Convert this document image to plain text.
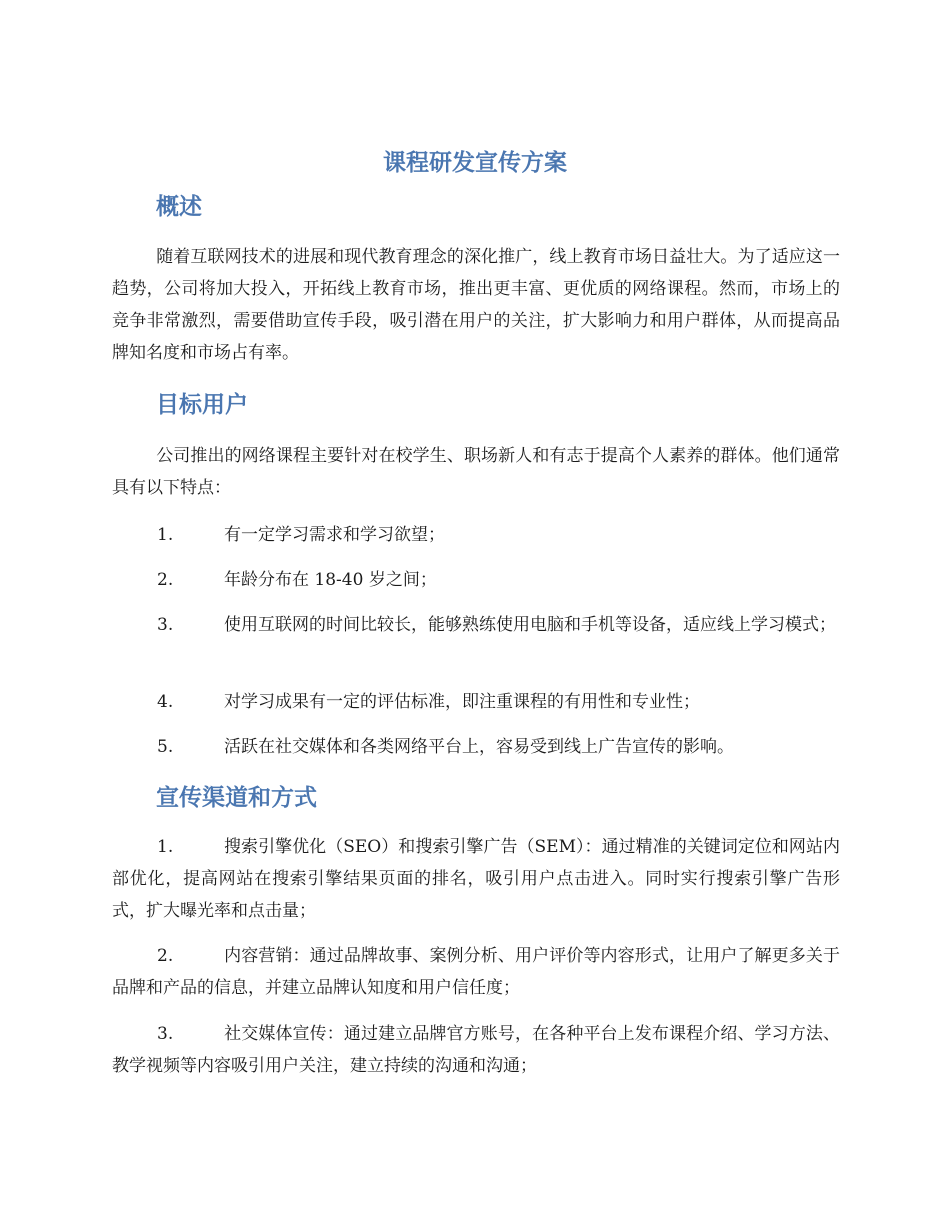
课程研发宣传方案
概述

随着互联网技术的进展和现代教育理念的深化推广，线上教育市场日益壮大。为了适应这一趋势，公司将加大投入，开拓线上教育市场，推出更丰富、更优质的网络课程。然而，市场上的竞争非常激烈，需要借助宣传手段，吸引潜在用户的关注，扩大影响力和用户群体，从而提高品牌知名度和市场占有率。

目标用户

公司推出的网络课程主要针对在校学生、职场新人和有志于提高个人素养的群体。他们通常具有以下特点：

1.	有一定学习需求和学习欲望；

2.	年龄分布在 18-40 岁之间；

3.	使用互联网的时间比较长，能够熟练使用电脑和手机等设备，适应线上学习模式；

4.	对学习成果有一定的评估标准，即注重课程的有用性和专业性；

5.	活跃在社交媒体和各类网络平台上，容易受到线上广告宣传的影响。

宣传渠道和方式

1.	搜索引擎优化（SEO）和搜索引擎广告（SEM）：通过精准的关键词定位和网站内部优化，提高网站在搜索引擎结果页面的排名，吸引用户点击进入。同时实行搜索引擎广告形式，扩大曝光率和点击量；

2.	内容营销：通过品牌故事、案例分析、用户评价等内容形式，让用户了解更多关于品牌和产品的信息，并建立品牌认知度和用户信任度；

3.	社交媒体宣传：通过建立品牌官方账号，在各种平台上发布课程介绍、学习方法、教学视频等内容吸引用户关注，建立持续的沟通和沟通；
